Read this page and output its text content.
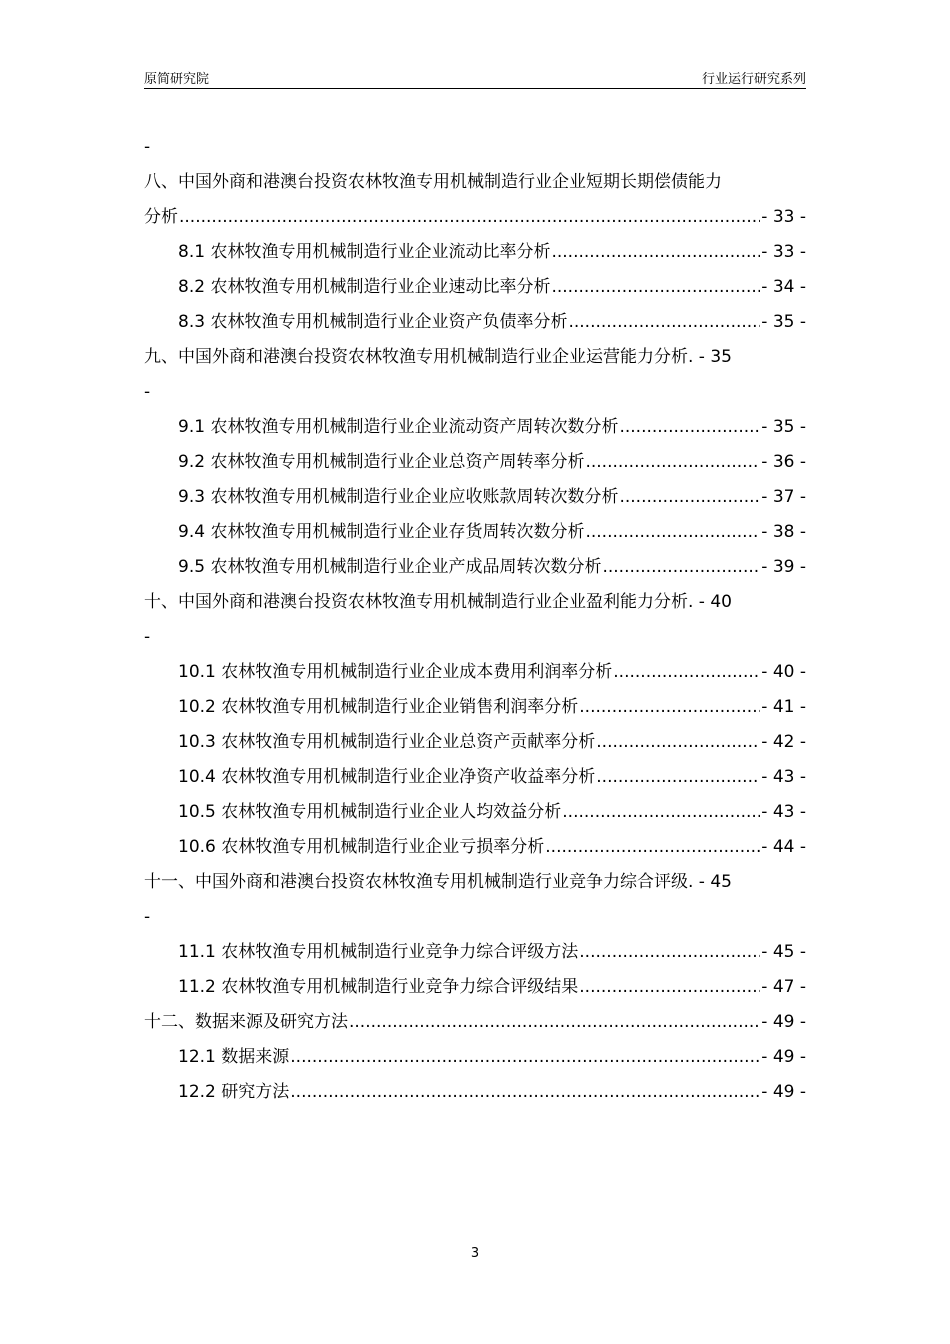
原简研究院	行业运行研究系列
-
八、中国外商和港澳台投资农林牧渔专用机械制造行业企业短期长期偿债能力
分析 .....	- 33 -
8.1 农林牧渔专用机械制造行业企业流动比率分析 .....	- 33 -
8.2 农林牧渔专用机械制造行业企业速动比率分析 .....	- 34 -
8.3 农林牧渔专用机械制造行业企业资产负债率分析 .....	- 35 -
九、中国外商和港澳台投资农林牧渔专用机械制造行业企业运营能力分析 . - 35
-
9.1 农林牧渔专用机械制造行业企业流动资产周转次数分析 .....	- 35 -
9.2 农林牧渔专用机械制造行业企业总资产周转率分析 .....	- 36 -
9.3 农林牧渔专用机械制造行业企业应收账款周转次数分析 .....	- 37 -
9.4 农林牧渔专用机械制造行业企业存货周转次数分析 .....	- 38 -
9.5 农林牧渔专用机械制造行业企业产成品周转次数分析 .....	- 39 -
十、中国外商和港澳台投资农林牧渔专用机械制造行业企业盈利能力分析 . - 40
-
10.1 农林牧渔专用机械制造行业企业成本费用利润率分析 .....	- 40 -
10.2 农林牧渔专用机械制造行业企业销售利润率分析 .....	- 41 -
10.3 农林牧渔专用机械制造行业企业总资产贡献率分析 .....	- 42 -
10.4 农林牧渔专用机械制造行业企业净资产收益率分析 .....	- 43 -
10.5 农林牧渔专用机械制造行业企业人均效益分析 .....	- 43 -
10.6 农林牧渔专用机械制造行业企业亏损率分析 .....	- 44 -
十一、中国外商和港澳台投资农林牧渔专用机械制造行业竞争力综合评级 . - 45
-
11.1 农林牧渔专用机械制造行业竞争力综合评级方法 .....	- 45 -
11.2 农林牧渔专用机械制造行业竞争力综合评级结果 .....	- 47 -
十二、数据来源及研究方法 .....	- 49 -
12.1 数据来源 .....	- 49 -
12.2 研究方法 .....	- 49 -
3
